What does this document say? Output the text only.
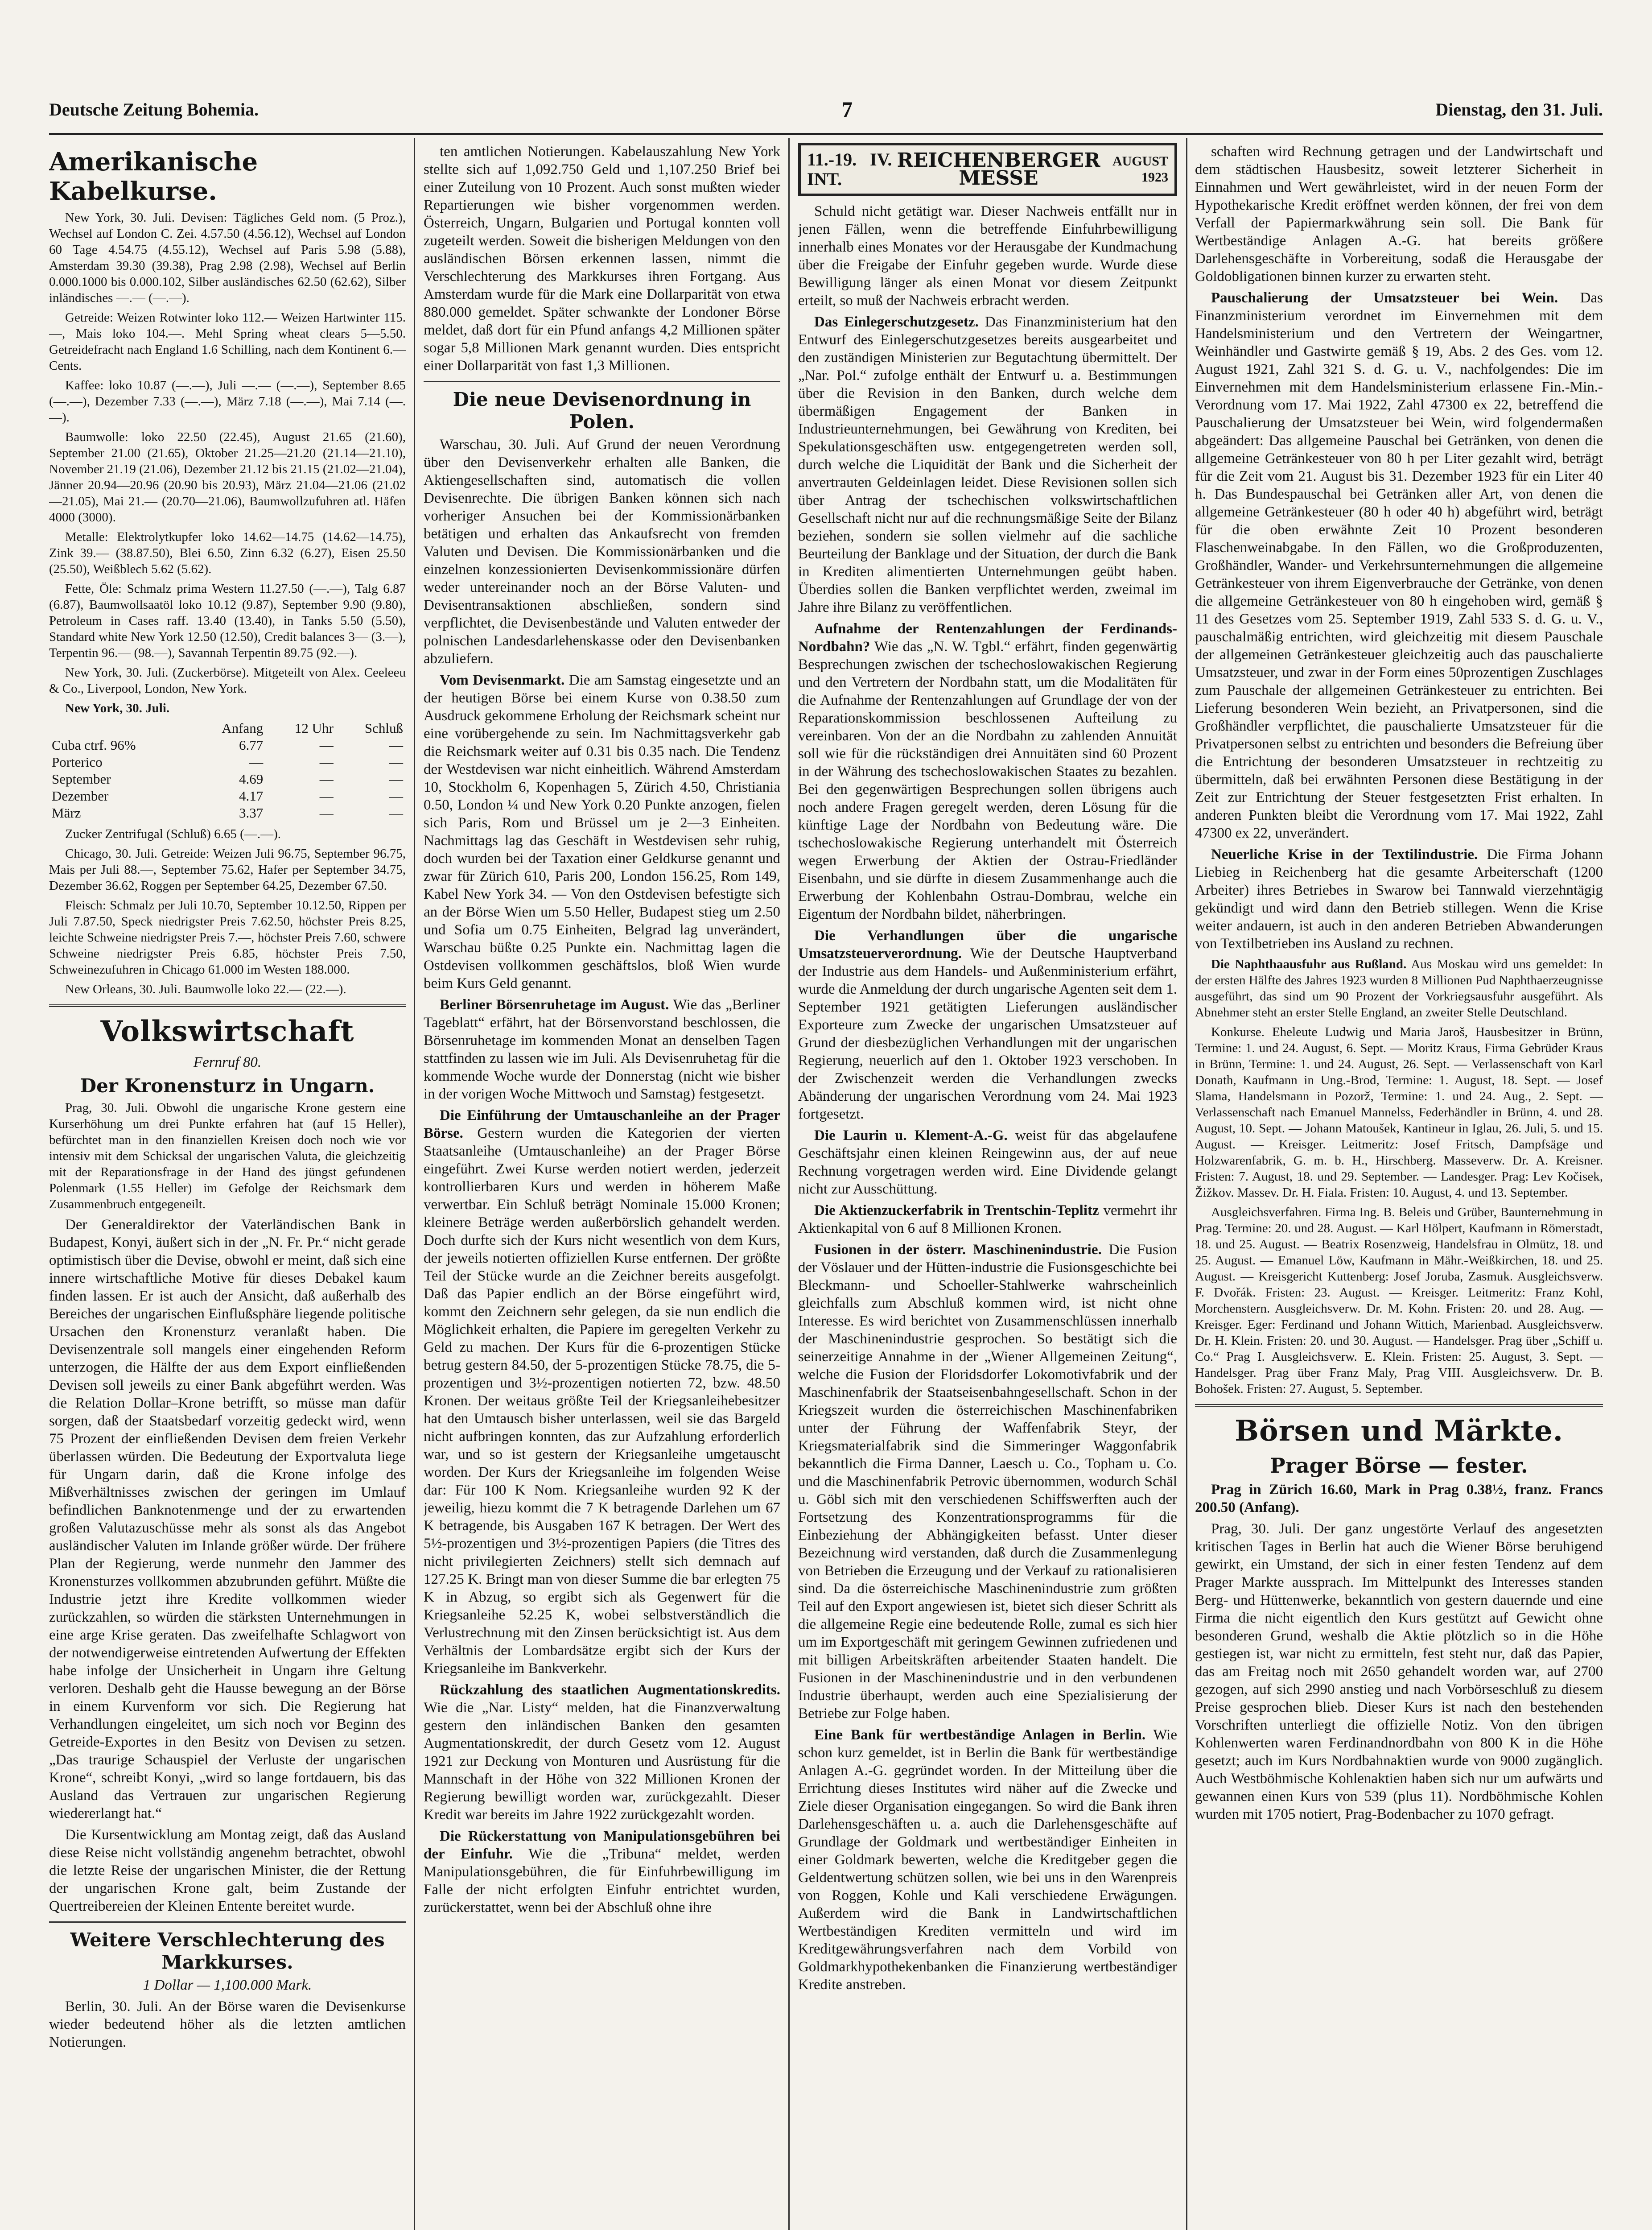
Deutsche Zeitung Bohemia.	7	Dienstag, den 31. Juli.
Amerikanische Kabelkurse.

New York, 30. Juli. Devisen: Tägliches Geld nom. (5 Proz.), Wechsel auf London C. Zei. 4.57.50 (4.56.12), Wechsel auf London 60 Tage 4.54.75 (4.55.12), Wechsel auf Paris 5.98 (5.88), Amsterdam 39.30 (39.38), Prag 2.98 (2.98), Wechsel auf Berlin 0.000.1000 bis 0.000.102, Silber ausländisches 62.50 (62.62), Silber inländisches —.— (—.—).

Getreide: Weizen Rotwinter loko 112.— Weizen Hartwinter 115.—, Mais loko 104.—. Mehl Spring wheat clears 5—5.50. Getreidefracht nach England 1.6 Schilling, nach dem Kontinent 6.— Cents.

Kaffee: loko 10.87 (—.—), Juli —.— (—.—), September 8.65 (—.—), Dezember 7.33 (—.—), März 7.18 (—.—), Mai 7.14 (—.—).

Baumwolle: loko 22.50 (22.45), August 21.65 (21.60), September 21.00 (21.65), Oktober 21.25—21.20 (21.14—21.10), November 21.19 (21.06), Dezember 21.12 bis 21.15 (21.02—21.04), Jänner 20.94—20.96 (20.90 bis 20.93), März 21.04—21.06 (21.02—21.05), Mai 21.— (20.70—21.06), Baumwollzufuhren atl. Häfen 4000 (3000).

Metalle: Elektrolytkupfer loko 14.62—14.75 (14.62—14.75), Zink 39.— (38.87.50), Blei 6.50, Zinn 6.32 (6.27), Eisen 25.50 (25.50), Weißblech 5.62 (5.62).

Fette, Öle: Schmalz prima Western 11.27.50 (—.—), Talg 6.87 (6.87), Baumwollsaatöl loko 10.12 (9.87), September 9.90 (9.80), Petroleum in Cases raff. 13.40 (13.40), in Tanks 5.50 (5.50), Standard white New York 12.50 (12.50), Credit balances 3— (3.—), Terpentin 96.— (98.—), Savannah Terpentin 89.75 (92.—).

New York, 30. Juli. (Zuckerbörse). Mitgeteilt von Alex. Ceeleeu & Co., Liverpool, London, New York.

New York, 30. Juli.

	Anfang	12 Uhr	Schluß
Cuba ctrf. 96%	6.77	—	—
Porterico	—	—	—
September	4.69	—	—
Dezember	4.17	—	—
März	3.37	—	—

Zucker Zentrifugal (Schluß) 6.65 (—.—).

Chicago, 30. Juli. Getreide: Weizen Juli 96.75, September 96.75, Mais per Juli 88.—, September 75.62, Hafer per September 34.75, Dezember 36.62, Roggen per September 64.25, Dezember 67.50.

Fleisch: Schmalz per Juli 10.70, September 10.12.50, Rippen per Juli 7.87.50, Speck niedrigster Preis 7.62.50, höchster Preis 8.25, leichte Schweine niedrigster Preis 7.—, höchster Preis 7.60, schwere Schweine niedrigster Preis 6.85, höchster Preis 7.50, Schweinezufuhren in Chicago 61.000 im Westen 188.000.

New Orleans, 30. Juli. Baumwolle loko 22.— (22.—).

Volkswirtschaft
Fernruf 80.
Der Kronensturz in Ungarn.

Prag, 30. Juli. Obwohl die ungarische Krone gestern eine Kurserhöhung um drei Punkte erfahren hat (auf 15 Heller), befürchtet man in den finanziellen Kreisen doch noch wie vor intensiv mit dem Schicksal der ungarischen Valuta, die gleichzeitig mit der Reparationsfrage in der Hand des jüngst gefundenen Polenmark (1.55 Heller) im Gefolge der Reichsmark dem Zusammenbruch entgegeneilt.

Der Generaldirektor der Vaterländischen Bank in Budapest, Konyi, äußert sich in der „N. Fr. Pr.“ nicht gerade optimistisch über die Devise, obwohl er meint, daß sich eine innere wirtschaftliche Motive für dieses Debakel kaum finden lassen. Er ist auch der Ansicht, daß außerhalb des Bereiches der ungarischen Einflußsphäre liegende politische Ursachen den Kronensturz veranlaßt haben. Die Devisenzentrale soll mangels einer eingehenden Reform unterzogen, die Hälfte der aus dem Export einfließenden Devisen soll jeweils zu einer Bank abgeführt werden. Was die Relation Dollar–Krone betrifft, so müsse man dafür sorgen, daß der Staatsbedarf vorzeitig gedeckt wird, wenn 75 Prozent der einfließenden Devisen dem freien Verkehr überlassen würden. Die Bedeutung der Exportvaluta liege für Ungarn darin, daß die Krone infolge des Mißverhältnisses zwischen der geringen im Umlauf befindlichen Banknotenmenge und der zu erwartenden großen Valutazuschüsse mehr als sonst als das Angebot ausländischer Valuten im Inlande größer würde. Der frühere Plan der Regierung, werde nunmehr den Jammer des Kronensturzes vollkommen abzubrunden geführt. Müßte die Industrie jetzt ihre Kredite vollkommen wieder zurückzahlen, so würden die stärksten Unternehmungen in eine arge Krise geraten. Das zweifelhafte Schlagwort von der notwendigerweise eintretenden Aufwertung der Effekten habe infolge der Unsicherheit in Ungarn ihre Geltung verloren. Deshalb geht die Hausse bewegung an der Börse in einem Kurvenform vor sich. Die Regierung hat Verhandlungen eingeleitet, um sich noch vor Beginn des Getreide-Exportes in den Besitz von Devisen zu setzen. „Das traurige Schauspiel der Verluste der ungarischen Krone“, schreibt Konyi, „wird so lange fortdauern, bis das Ausland das Vertrauen zur ungarischen Regierung wiedererlangt hat.“

Die Kursentwicklung am Montag zeigt, daß das Ausland diese Reise nicht vollständig angenehm betrachtet, obwohl die letzte Reise der ungarischen Minister, die der Rettung der ungarischen Krone galt, beim Zustande der Quertreibereien der Kleinen Entente bereitet wurde.

Weitere Verschlechterung des Markkurses.
1 Dollar — 1,100.000 Mark.

Berlin, 30. Juli. An der Börse waren die Devisenkurse wieder bedeutend höher als die letzten amtlichen Notierungen.

ten amtlichen Notierungen. Kabelauszahlung New York stellte sich auf 1,092.750 Geld und 1,107.250 Brief bei einer Zuteilung von 10 Prozent. Auch sonst mußten wieder Repartierungen wie bisher vorgenommen werden. Österreich, Ungarn, Bulgarien und Portugal konnten voll zugeteilt werden. Soweit die bisherigen Meldungen von den ausländischen Börsen erkennen lassen, nimmt die Verschlechterung des Markkurses ihren Fortgang. Aus Amsterdam wurde für die Mark eine Dollarparität von etwa 880.000 gemeldet. Später schwankte der Londoner Börse meldet, daß dort für ein Pfund anfangs 4,2 Millionen später sogar 5,8 Millionen Mark genannt wurden. Dies entspricht einer Dollarparität von fast 1,3 Millionen.

Die neue Devisenordnung in Polen.

Warschau, 30. Juli. Auf Grund der neuen Verordnung über den Devisenverkehr erhalten alle Banken, die Aktiengesellschaften sind, automatisch die vollen Devisenrechte. Die übrigen Banken können sich nach vorheriger Ansuchen bei der Kommissionärbanken betätigen und erhalten das Ankaufsrecht von fremden Valuten und Devisen. Die Kommissionärbanken und die einzelnen konzessionierten Devisenkommissionäre dürfen weder untereinander noch an der Börse Valuten- und Devisentransaktionen abschließen, sondern sind verpflichtet, die Devisenbestände und Valuten entweder der polnischen Landesdarlehenskasse oder den Devisenbanken abzuliefern.

Vom Devisenmarkt. Die am Samstag eingesetzte und an der heutigen Börse bei einem Kurse von 0.38.50 zum Ausdruck gekommene Erholung der Reichsmark scheint nur eine vorübergehende zu sein. Im Nachmittagsverkehr gab die Reichsmark weiter auf 0.31 bis 0.35 nach. Die Tendenz der Westdevisen war nicht einheitlich. Während Amsterdam 10, Stockholm 6, Kopenhagen 5, Zürich 4.50, Christiania 0.50, London ¼ und New York 0.20 Punkte anzogen, fielen sich Paris, Rom und Brüssel um je 2—3 Einheiten. Nachmittags lag das Geschäft in Westdevisen sehr ruhig, doch wurden bei der Taxation einer Geldkurse genannt und zwar für Zürich 610, Paris 200, London 156.25, Rom 149, Kabel New York 34. — Von den Ostdevisen befestigte sich an der Börse Wien um 5.50 Heller, Budapest stieg um 2.50 und Sofia um 0.75 Einheiten, Belgrad lag unverändert, Warschau büßte 0.25 Punkte ein. Nachmittag lagen die Ostdevisen vollkommen geschäftslos, bloß Wien wurde beim Kurs Geld genannt.

Berliner Börsenruhetage im August. Wie das „Berliner Tageblatt“ erfährt, hat der Börsenvorstand beschlossen, die Börsenruhetage im kommenden Monat an denselben Tagen stattfinden zu lassen wie im Juli. Als Devisenruhetag für die kommende Woche wurde der Donnerstag (nicht wie bisher in der vorigen Woche Mittwoch und Samstag) festgesetzt.

Die Einführung der Umtauschanleihe an der Prager Börse. Gestern wurden die Kategorien der vierten Staatsanleihe (Umtauschanleihe) an der Prager Börse eingeführt. Zwei Kurse werden notiert werden, jederzeit kontrollierbaren Kurs und werden in höherem Maße verwertbar. Ein Schluß beträgt Nominale 15.000 Kronen; kleinere Beträge werden außerbörslich gehandelt werden. Doch durfte sich der Kurs nicht wesentlich von dem Kurs, der jeweils notierten offiziellen Kurse entfernen. Der größte Teil der Stücke wurde an die Zeichner bereits ausgefolgt. Daß das Papier endlich an der Börse eingeführt wird, kommt den Zeichnern sehr gelegen, da sie nun endlich die Möglichkeit erhalten, die Papiere im geregelten Verkehr zu Geld zu machen. Der Kurs für die 6-prozentigen Stücke betrug gestern 84.50, der 5-prozentigen Stücke 78.75, die 5-prozentigen und 3½-prozentigen notierten 72, bzw. 48.50 Kronen. Der weitaus größte Teil der Kriegsanleihebesitzer hat den Umtausch bisher unterlassen, weil sie das Bargeld nicht aufbringen konnten, das zur Aufzahlung erforderlich war, und so ist gestern der Kriegsanleihe umgetauscht worden. Der Kurs der Kriegsanleihe im folgenden Weise dar: Für 100 K Nom. Kriegsanleihe wurden 92 K der jeweilig, hiezu kommt die 7 K betragende Darlehen um 67 K betragende, bis Ausgaben 167 K betragen. Der Wert des 5½-prozentigen und 3½-prozentigen Papiers (die Titres des nicht privilegierten Zeichners) stellt sich demnach auf 127.25 K. Bringt man von dieser Summe die bar erlegten 75 K in Abzug, so ergibt sich als Gegenwert für die Kriegsanleihe 52.25 K, wobei selbstverständlich die Verlustrechnung mit den Zinsen berücksichtigt ist. Aus dem Verhältnis der Lombardsätze ergibt sich der Kurs der Kriegsanleihe im Bankverkehr.

Rückzahlung des staatlichen Augmentationskredits. Wie die „Nar. Listy“ melden, hat die Finanzverwaltung gestern den inländischen Banken den gesamten Augmentationskredit, der durch Gesetz vom 12. August 1921 zur Deckung von Monturen und Ausrüstung für die Mannschaft in der Höhe von 322 Millionen Kronen der Regierung bewilligt worden war, zurückgezahlt. Dieser Kredit war bereits im Jahre 1922 zurückgezahlt worden.

Die Rückerstattung von Manipulationsgebühren bei der Einfuhr. Wie die „Tribuna“ meldet, werden Manipulationsgebühren, die für Einfuhrbewilligung im Falle der nicht erfolgten Einfuhr entrichtet wurden, zurückerstattet, wenn bei der Abschluß ohne ihre

11.-19. IV. INT.
REICHENBERGER MESSE
AUGUST 1923

Schuld nicht getätigt war. Dieser Nachweis entfällt nur in jenen Fällen, wenn die betreffende Einfuhrbewilligung innerhalb eines Monates vor der Herausgabe der Kundmachung über die Freigabe der Einfuhr gegeben wurde. Wurde diese Bewilligung länger als einen Monat vor diesem Zeitpunkt erteilt, so muß der Nachweis erbracht werden.

Das Einlegerschutzgesetz. Das Finanzministerium hat den Entwurf des Einlegerschutzgesetzes bereits ausgearbeitet und den zuständigen Ministerien zur Begutachtung übermittelt. Der „Nar. Pol.“ zufolge enthält der Entwurf u. a. Bestimmungen über die Revision in den Banken, durch welche dem übermäßigen Engagement der Banken in Industrieunternehmungen, bei Gewährung von Krediten, bei Spekulationsgeschäften usw. entgegengetreten werden soll, durch welche die Liquidität der Bank und die Sicherheit der anvertrauten Geldeinlagen leidet. Diese Revisionen sollen sich über Antrag der tschechischen volkswirtschaftlichen Gesellschaft nicht nur auf die rechnungsmäßige Seite der Bilanz beziehen, sondern sie sollen vielmehr auf die sachliche Beurteilung der Banklage und der Situation, der durch die Bank in Krediten alimentierten Unternehmungen geübt haben. Überdies sollen die Banken verpflichtet werden, zweimal im Jahre ihre Bilanz zu veröffentlichen.

Aufnahme der Rentenzahlungen der Ferdinands-Nordbahn? Wie das „N. W. Tgbl.“ erfährt, finden gegenwärtig Besprechungen zwischen der tschechoslowakischen Regierung und den Vertretern der Nordbahn statt, um die Modalitäten für die Aufnahme der Rentenzahlungen auf Grundlage der von der Reparationskommission beschlossenen Aufteilung zu vereinbaren. Von der an die Nordbahn zu zahlenden Annuität soll wie für die rückständigen drei Annuitäten sind 60 Prozent in der Währung des tschechoslowakischen Staates zu bezahlen. Bei den gegenwärtigen Besprechungen sollen übrigens auch noch andere Fragen geregelt werden, deren Lösung für die künftige Lage der Nordbahn von Bedeutung wäre. Die tschechoslowakische Regierung unterhandelt mit Österreich wegen Erwerbung der Aktien der Ostrau-Friedländer Eisenbahn, und sie dürfte in diesem Zusammenhange auch die Erwerbung der Kohlenbahn Ostrau-Dombrau, welche ein Eigentum der Nordbahn bildet, näherbringen.

Die Verhandlungen über die ungarische Umsatzsteuerverordnung. Wie der Deutsche Hauptverband der Industrie aus dem Handels- und Außenministerium erfährt, wurde die Anmeldung der durch ungarische Agenten seit dem 1. September 1921 getätigten Lieferungen ausländischer Exporteure zum Zwecke der ungarischen Umsatzsteuer auf Grund der diesbezüglichen Verhandlungen mit der ungarischen Regierung, neuerlich auf den 1. Oktober 1923 verschoben. In der Zwischenzeit werden die Verhandlungen zwecks Abänderung der ungarischen Verordnung vom 24. Mai 1923 fortgesetzt.

Die Laurin u. Klement-A.-G. weist für das abgelaufene Geschäftsjahr einen kleinen Reingewinn aus, der auf neue Rechnung vorgetragen werden wird. Eine Dividende gelangt nicht zur Ausschüttung.

Die Aktienzuckerfabrik in Trentschin-Teplitz vermehrt ihr Aktienkapital von 6 auf 8 Millionen Kronen.

Fusionen in der österr. Maschinenindustrie. Die Fusion der Vöslauer und der Hütten-industrie die Fusionsgeschichte bei Bleckmann- und Schoeller-Stahlwerke wahrscheinlich gleichfalls zum Abschluß kommen wird, ist nicht ohne Interesse. Es wird berichtet von Zusammenschlüssen innerhalb der Maschinenindustrie gesprochen. So bestätigt sich die seinerzeitige Annahme in der „Wiener Allgemeinen Zeitung“, welche die Fusion der Floridsdorfer Lokomotivfabrik und der Maschinenfabrik der Staatseisenbahngesellschaft. Schon in der Kriegszeit wurden die österreichischen Maschinenfabriken unter der Führung der Waffenfabrik Steyr, der Kriegsmaterialfabrik sind die Simmeringer Waggonfabrik bekanntlich die Firma Danner, Laesch u. Co., Topham u. Co. und die Maschinenfabrik Petrovic übernommen, wodurch Schäl u. Göbl sich mit den verschiedenen Schiffswerften auch der Fortsetzung des Konzentrationsprogramms für die Einbeziehung der Abhängigkeiten befasst. Unter dieser Bezeichnung wird verstanden, daß durch die Zusammenlegung von Betrieben die Erzeugung und der Verkauf zu rationalisieren sind. Da die österreichische Maschinenindustrie zum größten Teil auf den Export angewiesen ist, bietet sich dieser Schritt als die allgemeine Regie eine bedeutende Rolle, zumal es sich hier um im Exportgeschäft mit geringem Gewinnen zufriedenen und mit billigen Arbeitskräften arbeitender Staaten handelt. Die Fusionen in der Maschinenindustrie und in den verbundenen Industrie überhaupt, werden auch eine Spezialisierung der Betriebe zur Folge haben.

Eine Bank für wertbeständige Anlagen in Berlin. Wie schon kurz gemeldet, ist in Berlin die Bank für wertbeständige Anlagen A.-G. gegründet worden. In der Mitteilung über die Errichtung dieses Institutes wird näher auf die Zwecke und Ziele dieser Organisation eingegangen. So wird die Bank ihren Darlehensgeschäften u. a. auch die Darlehensgeschäfte auf Grundlage der Goldmark und wertbeständiger Einheiten in einer Goldmark bewerten, welche die Kreditgeber gegen die Geldentwertung schützen sollen, wie bei uns in den Warenpreis von Roggen, Kohle und Kali verschiedene Erwägungen. Außerdem wird die Bank in Landwirtschaftlichen Wertbeständigen Krediten vermitteln und wird im Kreditgewährungsverfahren nach dem Vorbild von Goldmarkhypothekenbanken die Finanzierung wertbeständiger Kredite anstreben.

schaften wird Rechnung getragen und der Landwirtschaft und dem städtischen Hausbesitz, soweit letzterer Sicherheit in Einnahmen und Wert gewährleistet, wird in der neuen Form der Hypothekarische Kredit eröffnet werden können, der frei von dem Verfall der Papiermarkwährung sein soll. Die Bank für Wertbeständige Anlagen A.-G. hat bereits größere Darlehensgeschäfte in Vorbereitung, sodaß die Herausgabe der Goldobligationen binnen kurzer zu erwarten steht.

Pauschalierung der Umsatzsteuer bei Wein. Das Finanzministerium verordnet im Einvernehmen mit dem Handelsministerium und den Vertretern der Weingartner, Weinhändler und Gastwirte gemäß § 19, Abs. 2 des Ges. vom 12. August 1921, Zahl 321 S. d. G. u. V., nachfolgendes: Die im Einvernehmen mit dem Handelsministerium erlassene Fin.-Min.-Verordnung vom 17. Mai 1922, Zahl 47300 ex 22, betreffend die Pauschalierung der Umsatzsteuer bei Wein, wird folgendermaßen abgeändert: Das allgemeine Pauschal bei Getränken, von denen die allgemeine Getränkesteuer von 80 h per Liter gezahlt wird, beträgt für die Zeit vom 21. August bis 31. Dezember 1923 für ein Liter 40 h. Das Bundespauschal bei Getränken aller Art, von denen die allgemeine Getränkesteuer (80 h oder 40 h) abgeführt wird, beträgt für die oben erwähnte Zeit 10 Prozent besonderen Flaschenweinabgabe. In den Fällen, wo die Großproduzenten, Großhändler, Wander- und Verkehrsunternehmungen die allgemeine Getränkesteuer von ihrem Eigenverbrauche der Getränke, von denen die allgemeine Getränkesteuer von 80 h eingehoben wird, gemäß § 11 des Gesetzes vom 25. September 1919, Zahl 533 S. d. G. u. V., pauschalmäßig entrichten, wird gleichzeitig mit diesem Pauschale der allgemeinen Getränkesteuer gleichzeitig auch das pauschalierte Umsatzsteuer, und zwar in der Form eines 50prozentigen Zuschlages zum Pauschale der allgemeinen Getränkesteuer zu entrichten. Bei Lieferung besonderen Wein bezieht, an Privatpersonen, sind die Großhändler verpflichtet, die pauschalierte Umsatzsteuer für die Privatpersonen selbst zu entrichten und besonders die Befreiung über die Entrichtung der besonderen Umsatzsteuer in rechtzeitig zu übermitteln, daß bei erwähnten Personen diese Bestätigung in der Zeit zur Entrichtung der Steuer festgesetzten Frist erhalten. In anderen Punkten bleibt die Verordnung vom 17. Mai 1922, Zahl 47300 ex 22, unverändert.

Neuerliche Krise in der Textilindustrie. Die Firma Johann Liebieg in Reichenberg hat die gesamte Arbeiterschaft (1200 Arbeiter) ihres Betriebes in Swarow bei Tannwald vierzehntägig gekündigt und wird dann den Betrieb stillegen. Wenn die Krise weiter andauern, ist auch in den anderen Betrieben Abwanderungen von Textilbetrieben ins Ausland zu rechnen.

Die Naphthaausfuhr aus Rußland. Aus Moskau wird uns gemeldet: In der ersten Hälfte des Jahres 1923 wurden 8 Millionen Pud Naphthaerzeugnisse ausgeführt, das sind um 90 Prozent der Vorkriegsausfuhr ausgeführt. Als Abnehmer steht an erster Stelle England, an zweiter Stelle Deutschland.

Konkurse. Eheleute Ludwig und Maria Jaroš, Hausbesitzer in Brünn, Termine: 1. und 24. August, 6. Sept. — Moritz Kraus, Firma Gebrüder Kraus in Brünn, Termine: 1. und 24. August, 26. Sept. — Verlassenschaft von Karl Donath, Kaufmann in Ung.-Brod, Termine: 1. August, 18. Sept. — Josef Slama, Handelsmann in Pozorž, Termine: 1. und 24. Aug., 2. Sept. — Verlassenschaft nach Emanuel Mannelss, Federhändler in Brünn, 4. und 28. August, 10. Sept. — Johann Matoušek, Kantineur in Iglau, 26. Juli, 5. und 15. August. — Kreisger. Leitmeritz: Josef Fritsch, Dampfsäge und Holzwarenfabrik, G. m. b. H., Hirschberg. Masseverw. Dr. A. Kreisner. Fristen: 7. August, 18. und 29. September. — Landesger. Prag: Lev Kočisek, Žižkov. Massev. Dr. H. Fiala. Fristen: 10. August, 4. und 13. September.

Ausgleichsverfahren. Firma Ing. B. Beleis und Grüber, Baunternehmung in Prag. Termine: 20. und 28. August. — Karl Hölpert, Kaufmann in Römerstadt, 18. und 25. August. — Beatrix Rosenzweig, Handelsfrau in Olmütz, 18. und 25. August. — Emanuel Löw, Kaufmann in Mähr.-Weißkirchen, 18. und 25. August. — Kreisgericht Kuttenberg: Josef Joruba, Zasmuk. Ausgleichsverw. F. Dvořák. Fristen: 23. August. — Kreisger. Leitmeritz: Franz Kohl, Morchenstern. Ausgleichsverw. Dr. M. Kohn. Fristen: 20. und 28. Aug. — Kreisger. Eger: Ferdinand und Johann Wittich, Marienbad. Ausgleichsverw. Dr. H. Klein. Fristen: 20. und 30. August. — Handelsger. Prag über „Schiff u. Co.“ Prag I. Ausgleichsverw. E. Klein. Fristen: 25. August, 3. Sept. — Handelsger. Prag über Franz Maly, Prag VIII. Ausgleichsverw. Dr. B. Bohošek. Fristen: 27. August, 5. September.

Börsen und Märkte.
Prager Börse — fester.

Prag in Zürich 16.60, Mark in Prag 0.38½, franz. Francs 200.50 (Anfang).

Prag, 30. Juli. Der ganz ungestörte Verlauf des angesetzten kritischen Tages in Berlin hat auch die Wiener Börse beruhigend gewirkt, ein Umstand, der sich in einer festen Tendenz auf dem Prager Markte aussprach. Im Mittelpunkt des Interesses standen Berg- und Hüttenwerke, bekanntlich von gestern dauernde und eine Firma die nicht eigentlich den Kurs gestützt auf Gewicht ohne besonderen Grund, weshalb die Aktie plötzlich so in die Höhe gestiegen ist, war nicht zu ermitteln, fest steht nur, daß das Papier, das am Freitag noch mit 2650 gehandelt worden war, auf 2700 gezogen, auf sich 2990 anstieg und nach Vorbörseschluß zu diesem Preise gesprochen blieb. Dieser Kurs ist nach den bestehenden Vorschriften unterliegt die offizielle Notiz. Von den übrigen Kohlenwerten waren Ferdinandnordbahn von 800 K in die Höhe gesetzt; auch im Kurs Nordbahnaktien wurde von 9000 zugänglich. Auch Westböhmische Kohlenaktien haben sich nur um aufwärts und gewannen einen Kurs von 539 (plus 11). Nordböhmische Kohlen wurden mit 1705 notiert, Prag-Bodenbacher zu 1070 gefragt.
